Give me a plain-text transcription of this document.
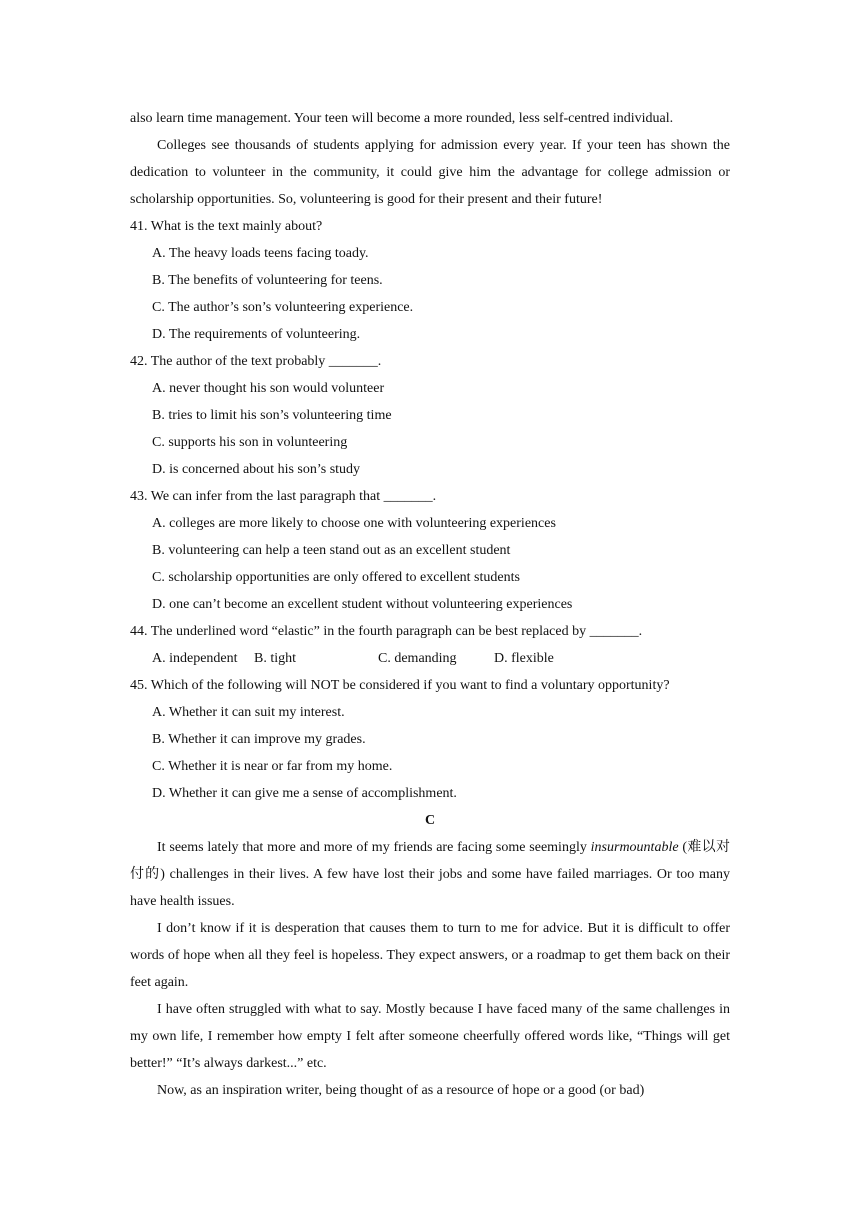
also learn time management. Your teen will become a more rounded, less self-centred individual.

Colleges see thousands of students applying for admission every year. If your teen has shown the dedication to volunteer in the community, it could give him the advantage for college admission or scholarship opportunities. So, volunteering is good for their present and their future!

41. What is the text mainly about?

A. The heavy loads teens facing toady.

B. The benefits of volunteering for teens.

C. The author’s son’s volunteering experience.

D. The requirements of volunteering.

42. The author of the text probably _______.

A. never thought his son would volunteer

B. tries to limit his son’s volunteering time

C. supports his son in volunteering

D. is concerned about his son’s study

43. We can infer from the last paragraph that _______.

A. colleges are more likely to choose one with volunteering experiences

B. volunteering can help a teen stand out as an excellent student

C. scholarship opportunities are only offered to excellent students

D. one can’t become an excellent student without volunteering experiences

44. The underlined word “elastic” in the fourth paragraph can be best replaced by _______.

A. independent	B. tight	C. demanding	D. flexible

45. Which of the following will NOT be considered if you want to find a voluntary opportunity?

A. Whether it can suit my interest.

B. Whether it can improve my grades.

C. Whether it is near or far from my home.

D. Whether it can give me a sense of accomplishment.

C

It seems lately that more and more of my friends are facing some seemingly insurmountable (难以对付的) challenges in their lives. A few have lost their jobs and some have failed marriages. Or too many have health issues.

I don’t know if it is desperation that causes them to turn to me for advice. But it is difficult to offer words of hope when all they feel is hopeless. They expect answers, or a roadmap to get them back on their feet again.

I have often struggled with what to say. Mostly because I have faced many of the same challenges in my own life, I remember how empty I felt after someone cheerfully offered words like, “Things will get better!” “It’s always darkest...” etc.

Now, as an inspiration writer, being thought of as a resource of hope or a good (or bad)
